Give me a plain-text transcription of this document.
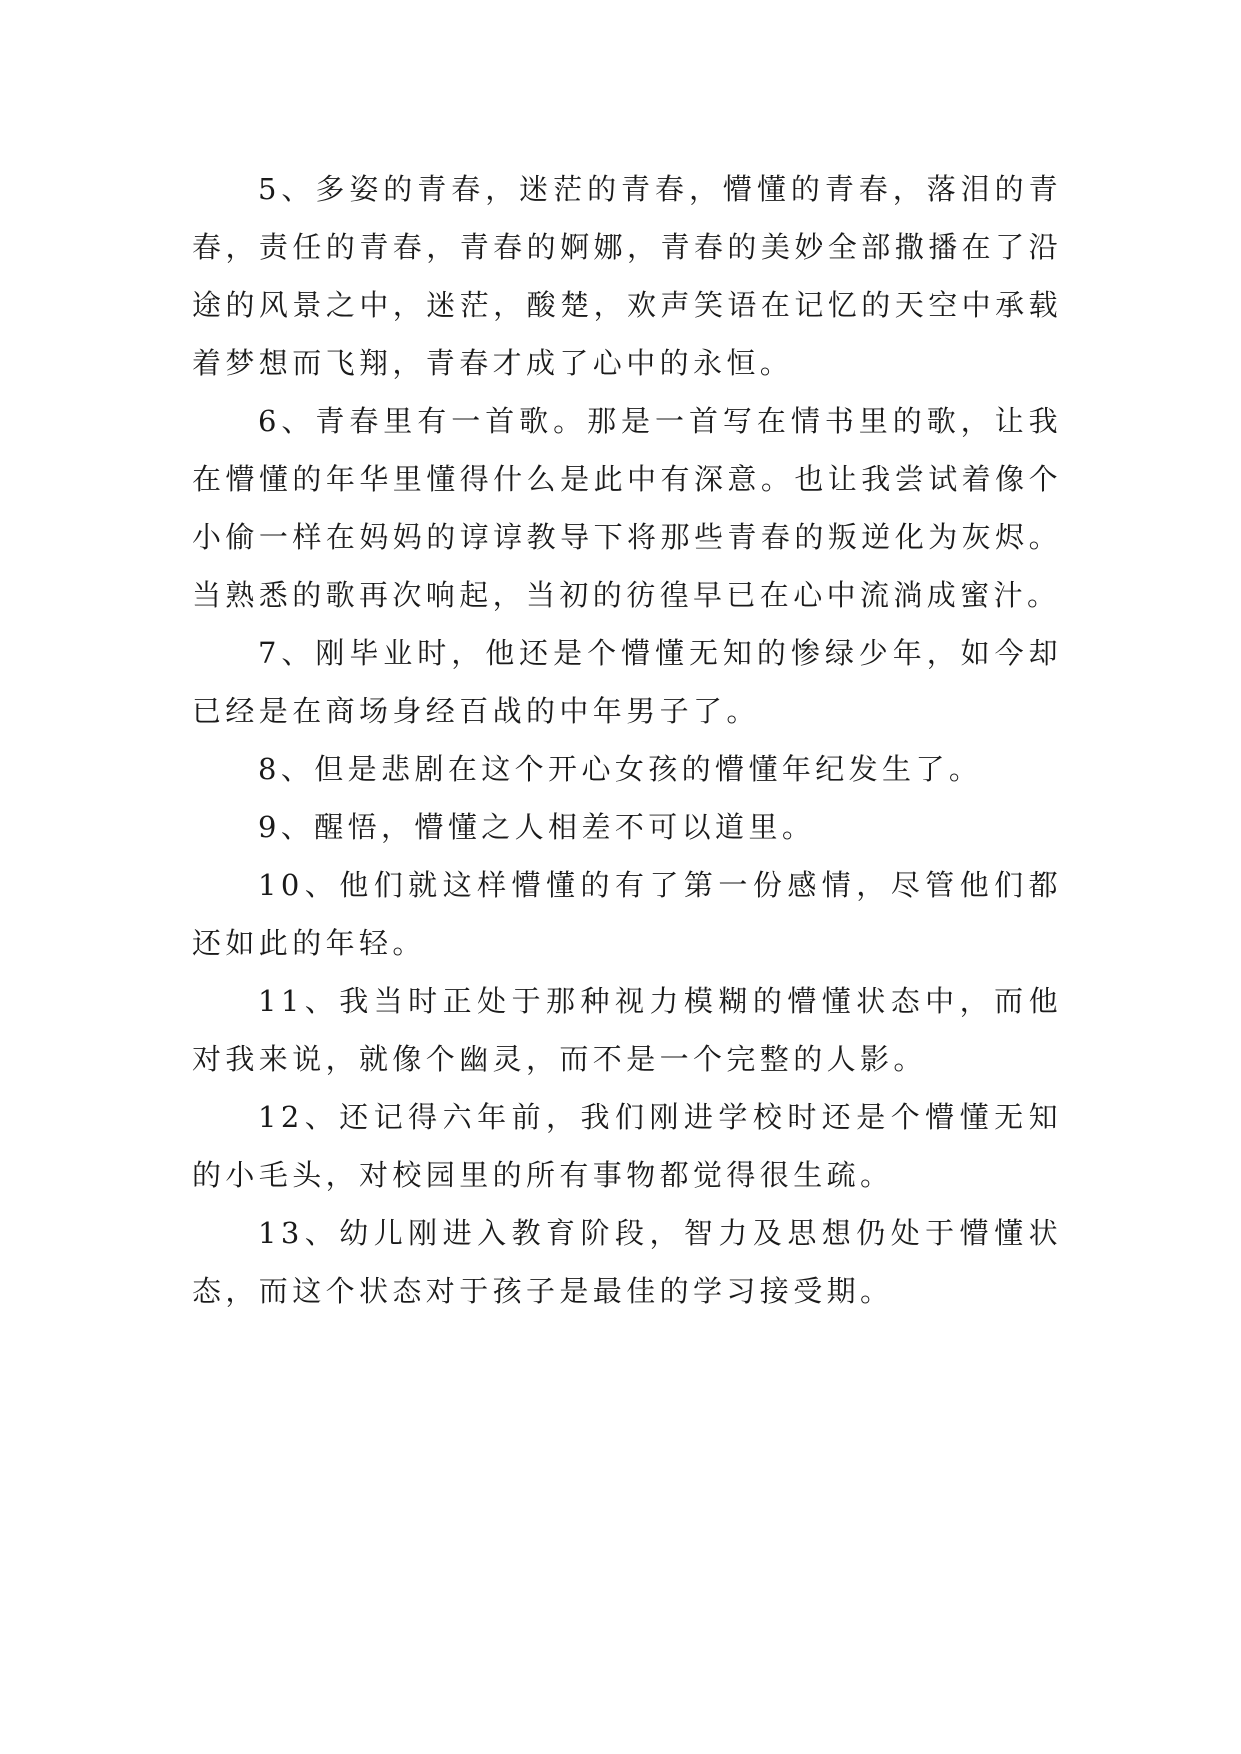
5、多姿的青春，迷茫的青春，懵懂的青春，落泪的青春，责任的青春，青春的婀娜，青春的美妙全部撒播在了沿途的风景之中，迷茫，酸楚，欢声笑语在记忆的天空中承载着梦想而飞翔，青春才成了心中的永恒。

6、青春里有一首歌。那是一首写在情书里的歌，让我在懵懂的年华里懂得什么是此中有深意。也让我尝试着像个小偷一样在妈妈的谆谆教导下将那些青春的叛逆化为灰烬。当熟悉的歌再次响起，当初的彷徨早已在心中流淌成蜜汁。

7、刚毕业时，他还是个懵懂无知的惨绿少年，如今却已经是在商场身经百战的中年男子了。

8、但是悲剧在这个开心女孩的懵懂年纪发生了。

9、醒悟，懵懂之人相差不可以道里。

10、他们就这样懵懂的有了第一份感情，尽管他们都还如此的年轻。

11、我当时正处于那种视力模糊的懵懂状态中，而他对我来说，就像个幽灵，而不是一个完整的人影。

12、还记得六年前，我们刚进学校时还是个懵懂无知的小毛头，对校园里的所有事物都觉得很生疏。

13、幼儿刚进入教育阶段，智力及思想仍处于懵懂状态，而这个状态对于孩子是最佳的学习接受期。
